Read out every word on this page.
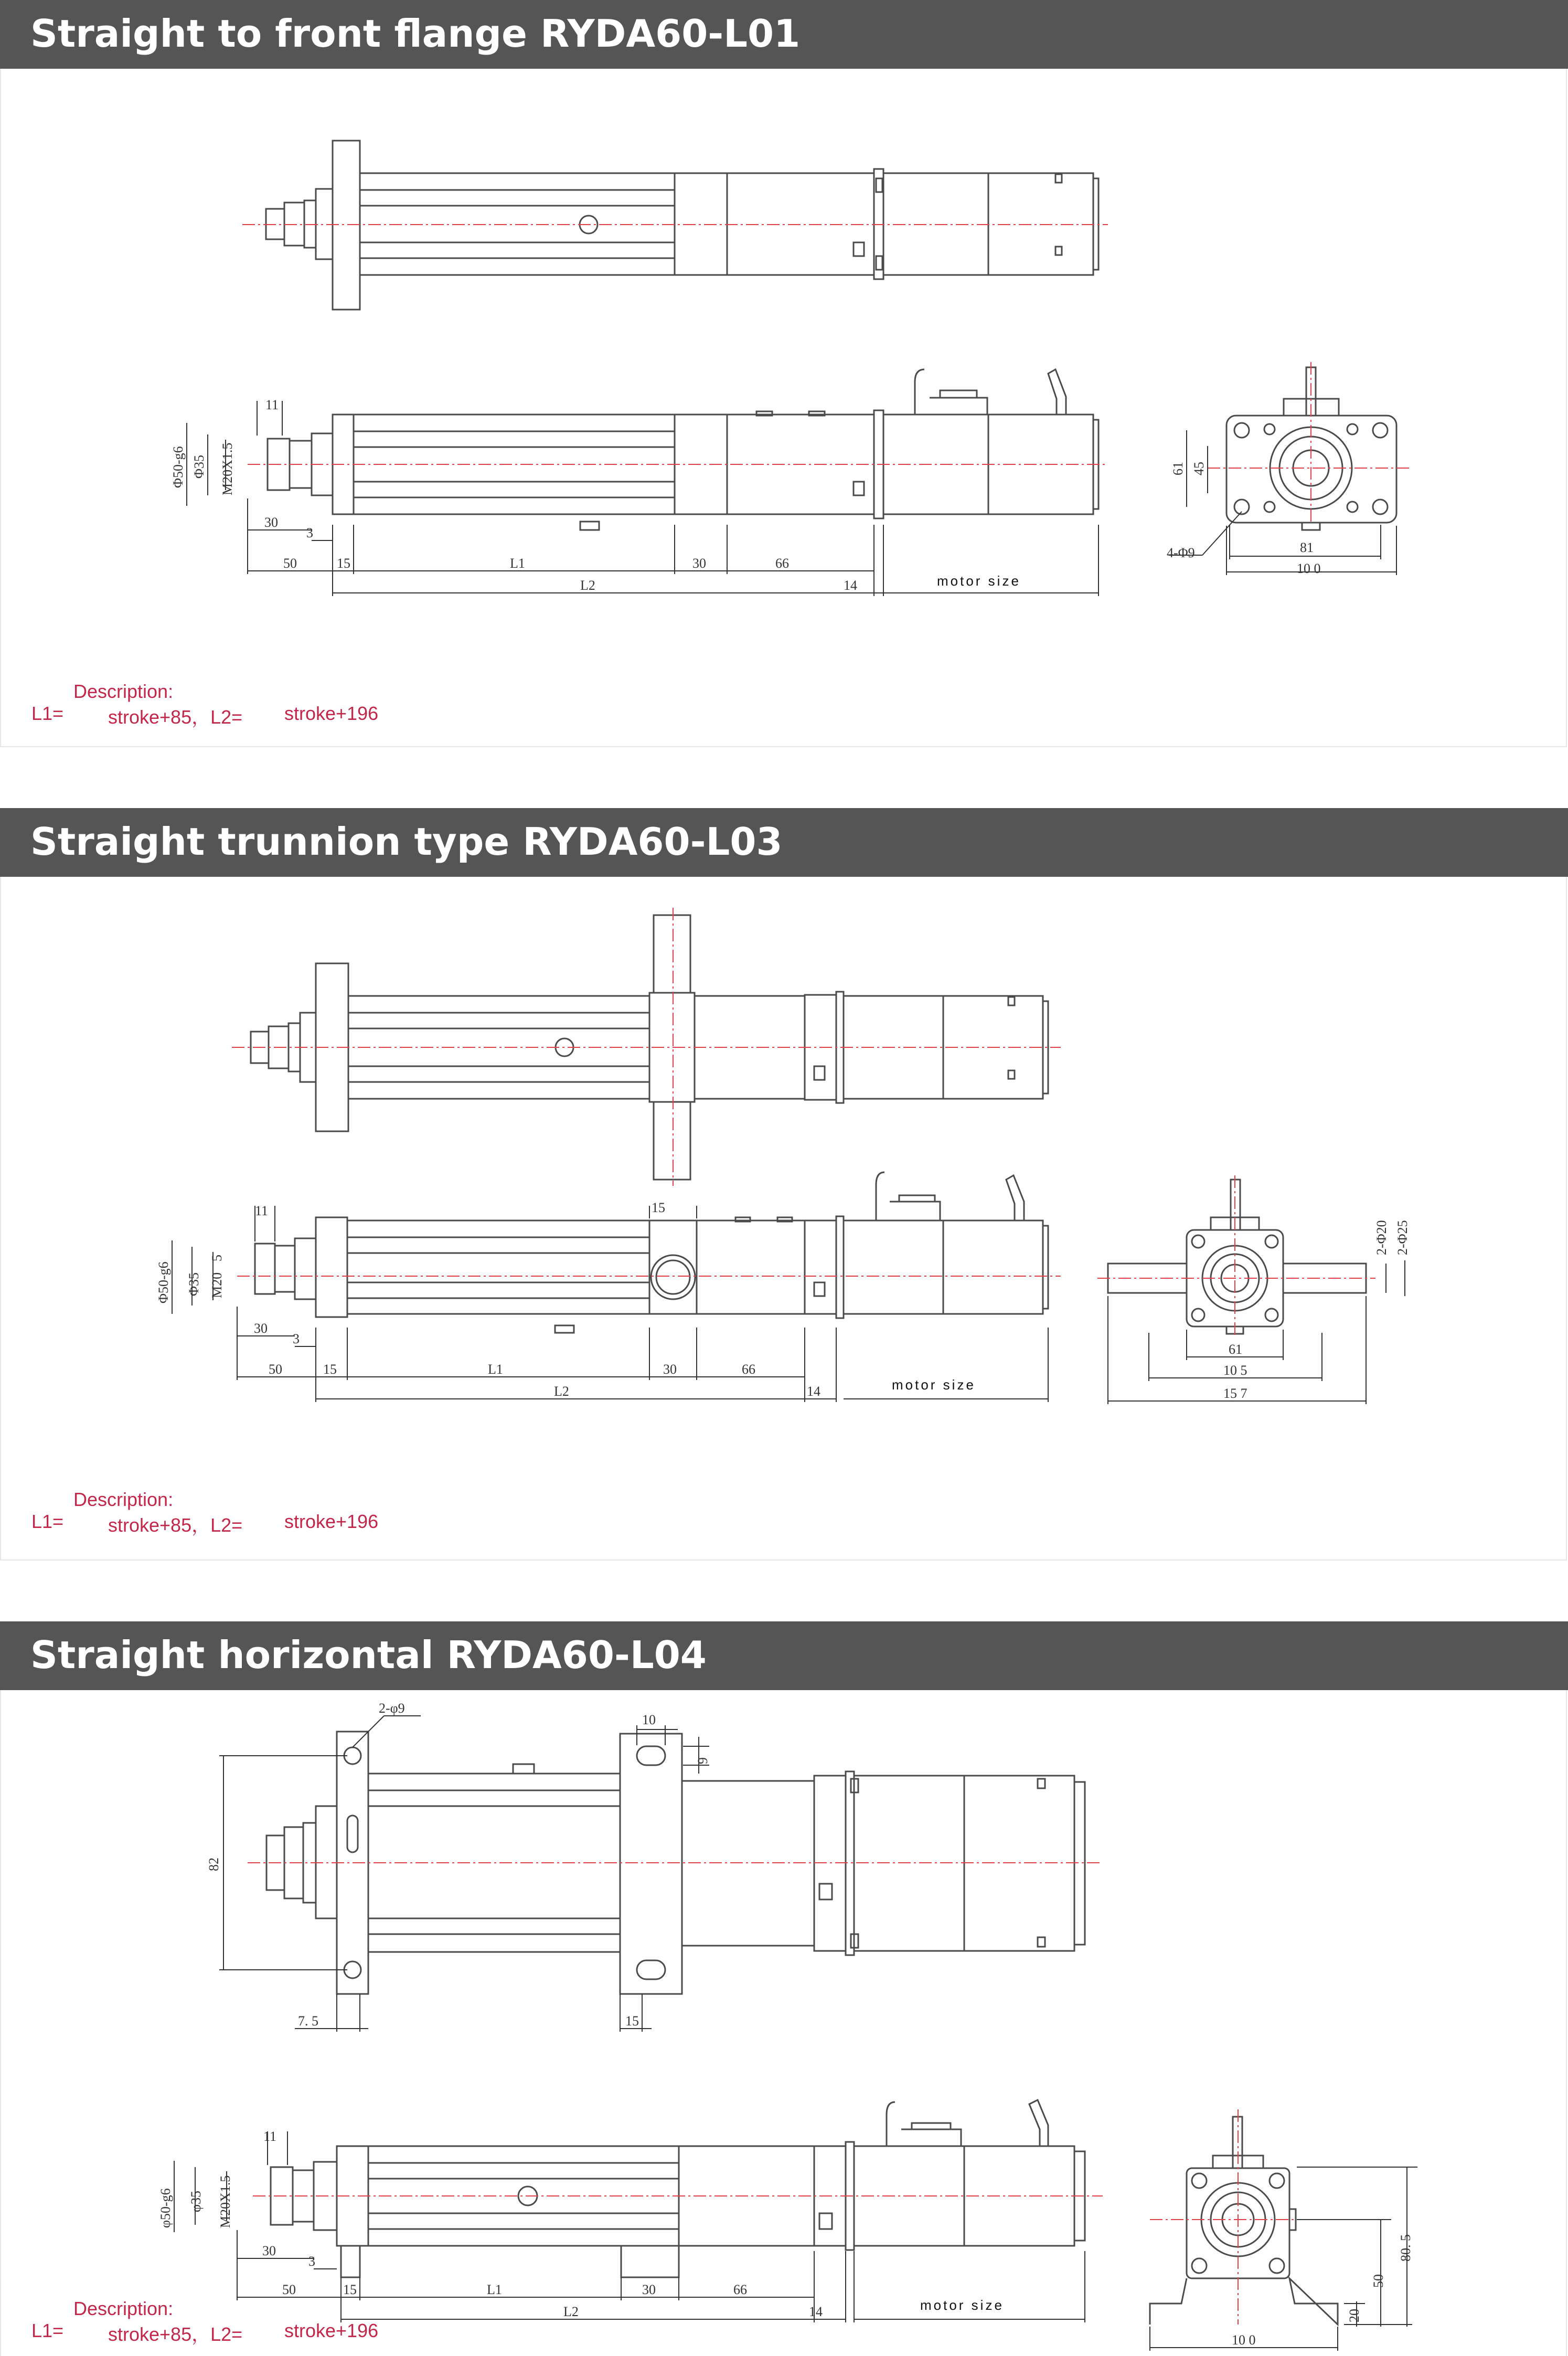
Straight to front flange RYDA60-L01
11
Φ50-g6 Φ35 M20X1.5
30
3
50	15	L1	30	66
L2	14	motor size
61 45
81
10 0
4-Φ9
Description:
L1= stroke+85，L2= stroke+196
Straight trunnion type RYDA60-L03
11	15
Φ50-g6 Φ35 M20
5
30
3
50	15	L1	30	66
L2	14	motor size
61
10 5
15 7
2-Φ20 2-Φ25
Description:
L1= stroke+85，L2= stroke+196
Straight horizontal RYDA60-L04
2-φ9
10
9
82
7. 5	15
11
φ50-g6 φ35 M20X1.5
30
3
50	15	L1	30	66
L2	14	motor size
10 0
20
50
80. 5
Description:
L1= stroke+85，L2= stroke+196
